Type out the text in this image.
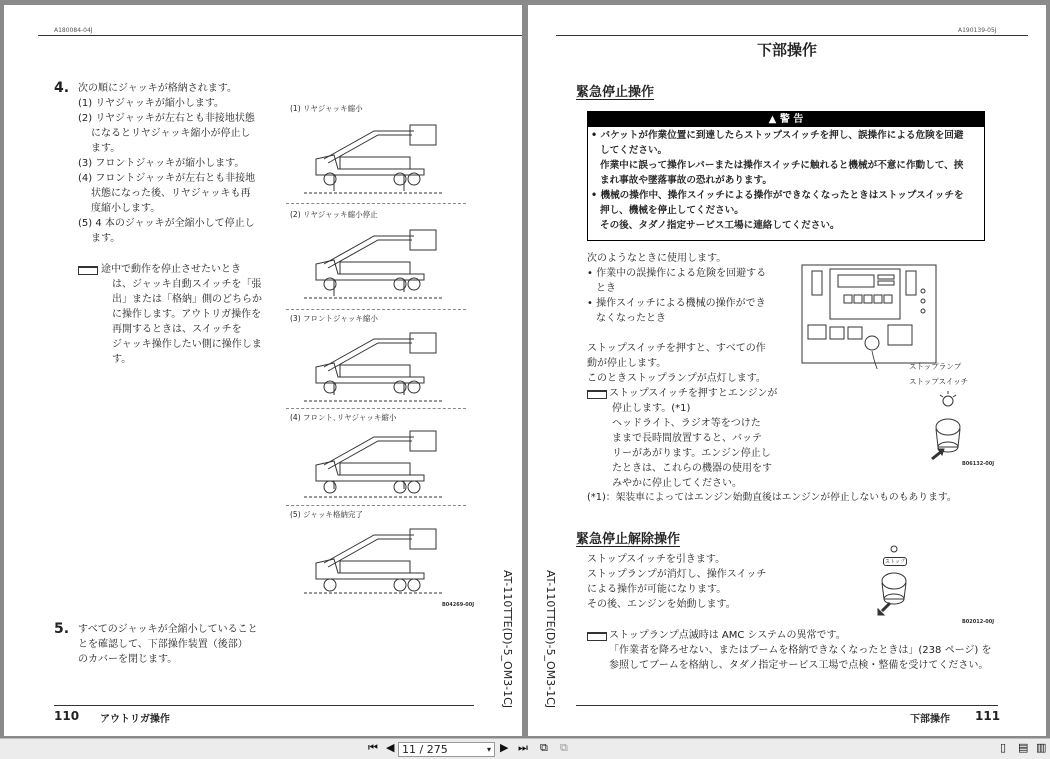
A180084-04J
4. 次の順にジャッキが格納されます。
(1) リヤジャッキが縮小します。
(2) リヤジャッキが左右とも非接地状態
になるとリヤジャッキ縮小が停止し
ます。
(3) フロントジャッキが縮小します。
(4) フロントジャッキが左右とも非接地
状態になった後、リヤジャッキも再
度縮小します。
(5) 4 本のジャッキが全縮小して停止し
ます。
途中で動作を停止させたいとき
は、ジャッキ自動スイッチを「張
出」または「格納」側のどちらか
に操作します。アウトリガ操作を
再開するときは、スイッチを
ジャッキ操作したい側に操作しま
す。
(1) リヤジャッキ縮小
(2) リヤジャッキ縮小停止
(3) フロントジャッキ縮小
(4) フロント､リヤジャッキ縮小
(5) ジャッキ格納完了
B04269-00J
5. すべてのジャッキが全縮小していること
とを確認して、下部操作装置（後部）
のカバーを閉じます。	AT-110TTE(D)-5_OM3-1CJ
110 アウトリガ操作
A190139-05J
下部操作
緊急停止操作
▲ 警 告
• バケットが作業位置に到達したらストップスイッチを押し、誤操作による危険を回避
してください。
作業中に誤って操作レバーまたは操作スイッチに触れると機械が不意に作動して、挟
まれ事故や墜落事故の恐れがあります。
• 機械の操作中、操作スイッチによる操作ができなくなったときはストップスイッチを
押し、機械を停止してください。
その後、タダノ指定サービス工場に連絡してください。
次のようなときに使用します。
• 作業中の誤操作による危険を回避する
とき
• 操作スイッチによる機械の操作ができ
なくなったとき
ストップスイッチを押すと、すべての作
動が停止します。
このときストップランプが点灯します。
ストップスイッチを押すとエンジンが
停止します。(*1)
ヘッドライト、ラジオ等をつけた
ままで長時間放置すると、バッテ
リーがあがります。エンジン停止し
たときは、これらの機器の使用をす
みやかに停止してください。
(*1)：架装車によってはエンジン始動直後はエンジンが停止しないものもあります。
ストップランプ
ストップスイッチ
B06132-00J
緊急停止解除操作
ストップスイッチを引きます。
ストップランプが消灯し、操作スイッチ
による操作が可能になります。
その後、エンジンを始動します。
ストップ
B02012-00J
ストップランプ点滅時は AMC システムの異常です。
「作業者を降ろせない、またはブームを格納できなくなったときは」(238 ページ) を
参照してブームを格納し、タダノ指定サービス工場で点検・整備を受けてください。
AT-110TTE(D)-5_OM3-1CJ
下部操作 111
⏮ ◀ 11 / 275	▾ ▶ ⏭ ⧉ ⧉	▯ ▤ ▥
